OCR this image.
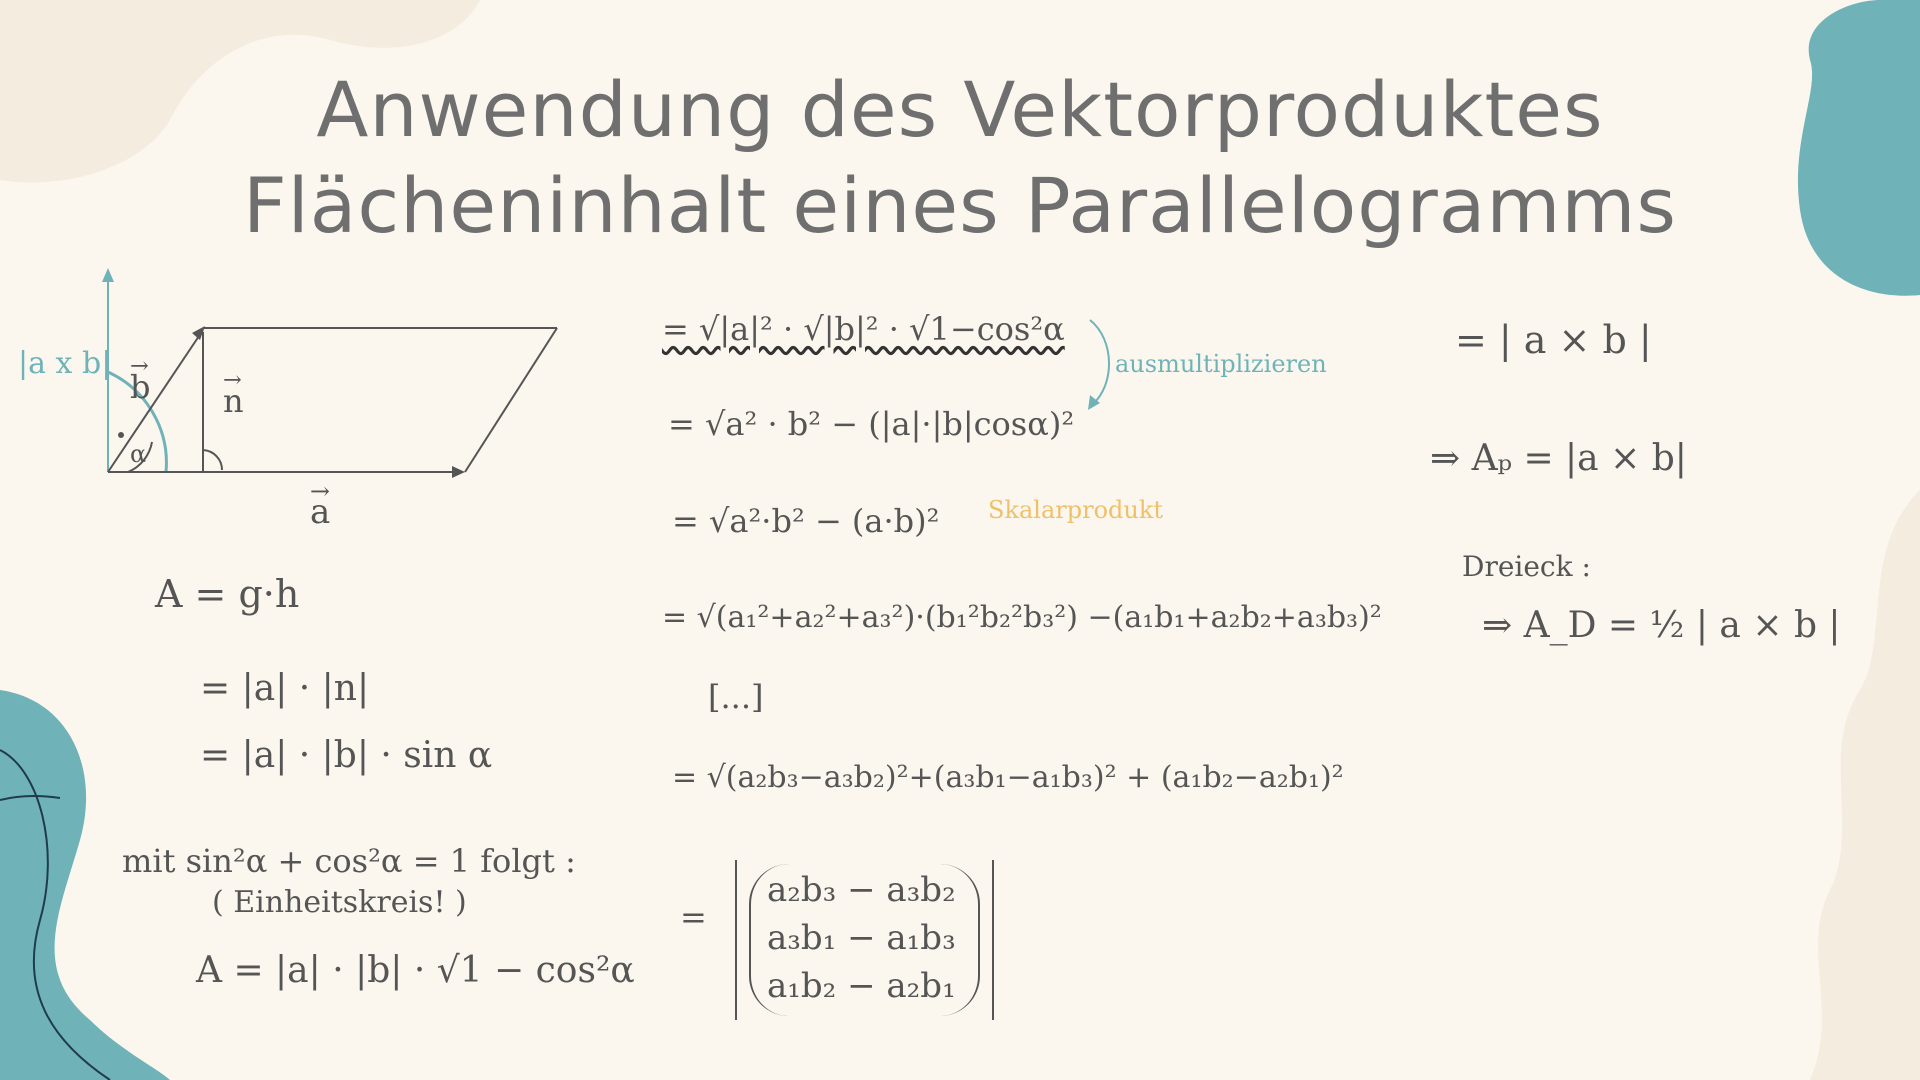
Anwendung des Vektorproduktes
Flächeninhalt eines Parallelogramms
|a x b|
→ b
→ n
α
→ a
A = g·h
= |a| · |n|
= |a| · |b| · sin α
mit sin²α + cos²α = 1 folgt :
( Einheitskreis! )
A = |a| · |b| · √1 − cos²α
= √|a|² · √|b|² · √1−cos²α
ausmultiplizieren
= √a² · b² − (|a|·|b|cosα)²
= √a²·b² − (a·b)² Skalarprodukt
= √(a₁²+a₂²+a₃²)·(b₁²b₂²b₃²) −(a₁b₁+a₂b₂+a₃b₃)²
[...]
= √(a₂b₃−a₃b₂)²+(a₃b₁−a₁b₃)² + (a₁b₂−a₂b₁)²
=
a₂b₃ − a₃b₂
a₃b₁ − a₁b₃
a₁b₂ − a₂b₁
= | a × b |
⇒ Aₚ = |a × b|
Dreieck :
⇒ A_D = ½ | a × b |
